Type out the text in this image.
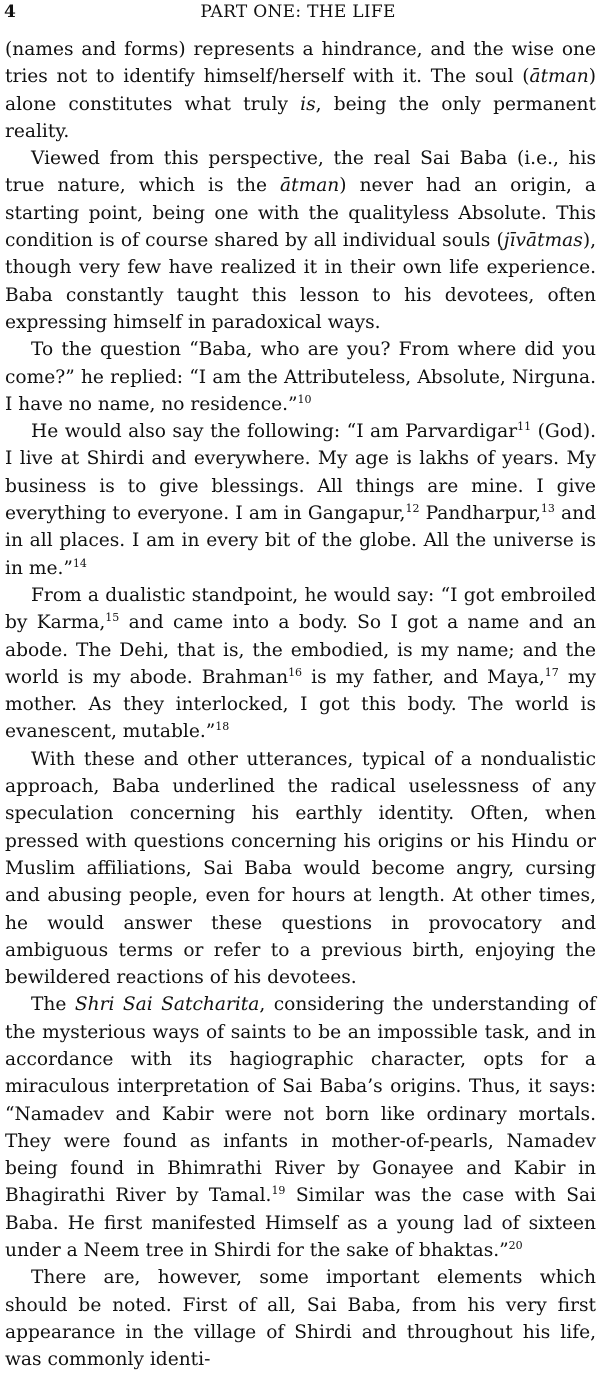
4	PART ONE: THE LIFE

(names and forms) represents a hindrance, and the wise one tries not to identify himself/herself with it. The soul (ātman) alone constitutes what truly is, being the only permanent reality.

Viewed from this perspective, the real Sai Baba (i.e., his true nature, which is the ātman) never had an origin, a starting point, being one with the qualityless Absolute. This condition is of course shared by all individual souls (jīvātmas), though very few have realized it in their own life experience. Baba constantly taught this lesson to his devotees, often expressing himself in paradoxical ways.

To the question “Baba, who are you? From where did you come?” he replied: “I am the Attributeless, Absolute, Nirguna. I have no name, no residence.”$^{10}$

He would also say the following: “I am Parvardigar$^{11}$ (God). I live at Shirdi and everywhere. My age is lakhs of years. My business is to give blessings. All things are mine. I give everything to everyone. I am in Gangapur,$^{12}$ Pandharpur,$^{13}$ and in all places. I am in every bit of the globe. All the universe is in me.”$^{14}$

From a dualistic standpoint, he would say: “I got embroiled by Karma,$^{15}$ and came into a body. So I got a name and an abode. The Dehi, that is, the embodied, is my name; and the world is my abode. Brahman$^{16}$ is my father, and Maya,$^{17}$ my mother. As they interlocked, I got this body. The world is evanescent, mutable.”$^{18}$

With these and other utterances, typical of a nondualistic approach, Baba underlined the radical uselessness of any speculation concerning his earthly identity. Often, when pressed with questions concerning his origins or his Hindu or Muslim affiliations, Sai Baba would become angry, cursing and abusing people, even for hours at length. At other times, he would answer these questions in provocatory and ambiguous terms or refer to a previous birth, enjoying the bewildered reactions of his devotees.

The Shri Sai Satcharita, considering the understanding of the mysterious ways of saints to be an impossible task, and in accordance with its hagiographic character, opts for a miraculous interpretation of Sai Baba’s origins. Thus, it says: “Namadev and Kabir were not born like ordinary mortals. They were found as infants in mother-of-pearls, Namadev being found in Bhimrathi River by Gonayee and Kabir in Bhagirathi River by Tamal.$^{19}$ Similar was the case with Sai Baba. He first manifested Himself as a young lad of sixteen under a Neem tree in Shirdi for the sake of bhaktas.”$^{20}$

There are, however, some important elements which should be noted. First of all, Sai Baba, from his very first appearance in the village of Shirdi and throughout his life, was commonly identi-
